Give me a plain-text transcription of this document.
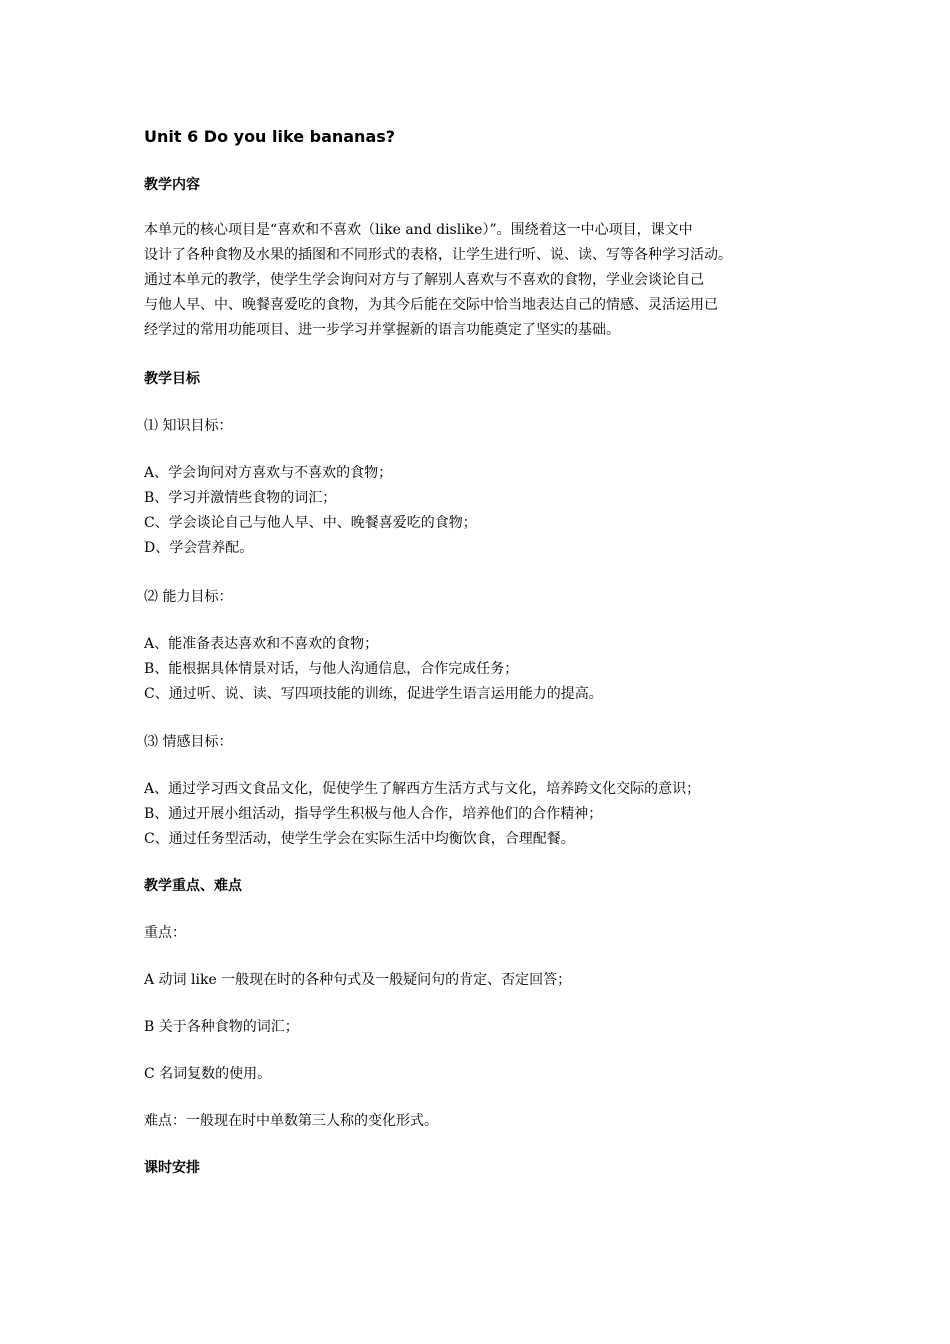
Unit 6 Do you like bananas?
教学内容
本单元的核心项目是“喜欢和不喜欢（like and dislike）”。围绕着这一中心项目，课文中
设计了各种食物及水果的插图和不同形式的表格，让学生进行听、说、读、写等各种学习活动。
通过本单元的教学，使学生学会询问对方与了解别人喜欢与不喜欢的食物，学业会谈论自己
与他人早、中、晚餐喜爱吃的食物，为其今后能在交际中恰当地表达自己的情感、灵活运用已
经学过的常用功能项目、进一步学习并掌握新的语言功能奠定了坚实的基础。
教学目标
⑴ 知识目标：
A、学会询问对方喜欢与不喜欢的食物；
B、学习并激情些食物的词汇；
C、学会谈论自己与他人早、中、晚餐喜爱吃的食物；
D、学会营养配。
⑵ 能力目标：
A、能准备表达喜欢和不喜欢的食物；
B、能根据具体情景对话，与他人沟通信息，合作完成任务；
C、通过听、说、读、写四项技能的训练，促进学生语言运用能力的提高。
⑶ 情感目标：
A、通过学习西文食品文化，促使学生了解西方生活方式与文化，培养跨文化交际的意识；
B、通过开展小组活动，指导学生积极与他人合作，培养他们的合作精神；
C、通过任务型活动，使学生学会在实际生活中均衡饮食，合理配餐。
教学重点、难点
重点：
A 动词 like 一般现在时的各种句式及一般疑问句的肯定、否定回答；
B 关于各种食物的词汇；
C 名词复数的使用。
难点：一般现在时中单数第三人称的变化形式。
课时安排
